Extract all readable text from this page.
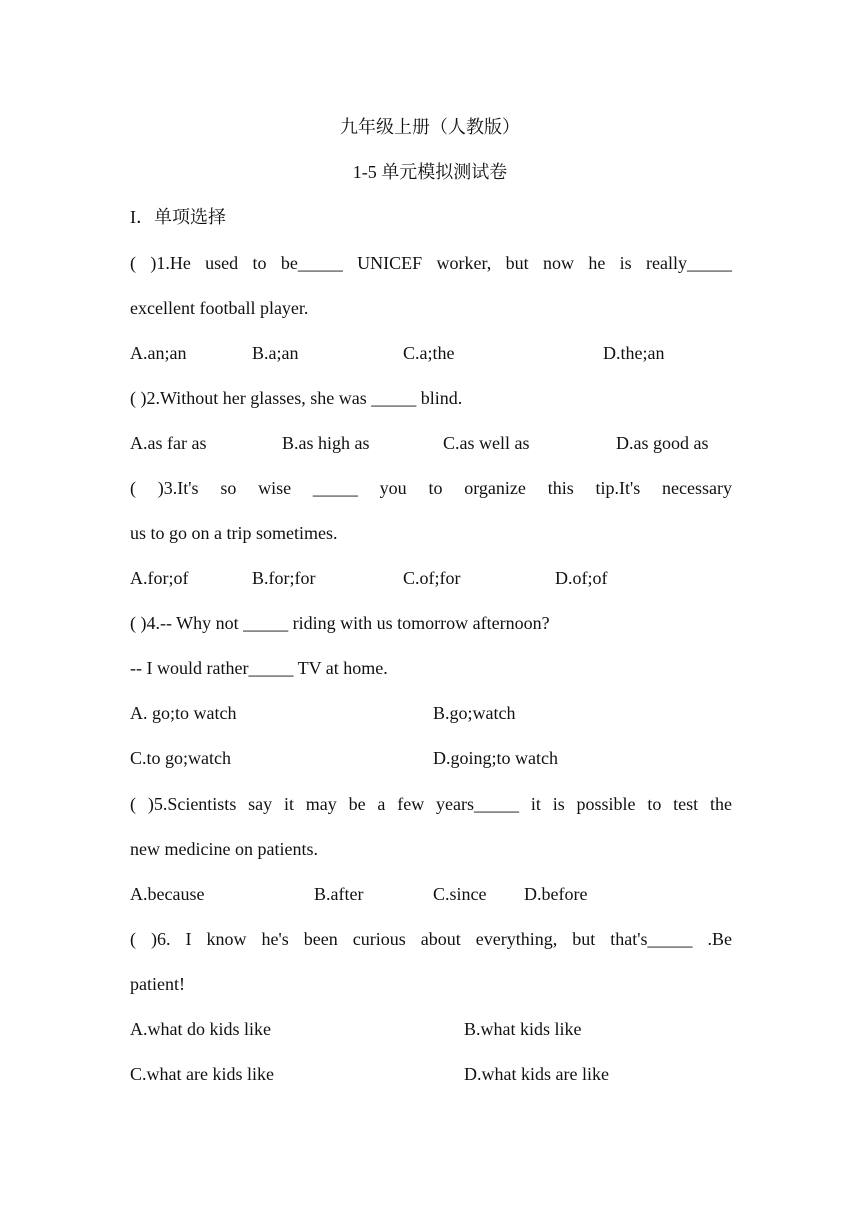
九年级上册（人教版）
1-5 单元模拟测试卷
I．单项选择
( )1.He used to be_____ UNICEF worker, but now he is really_____
excellent football player.
A.an;an	B.a;an	C.a;the	D.the;an
( )2.Without her glasses, she was _____ blind.
A.as far as	B.as high as	C.as well as	D.as good as
( )3.It's so wise _____ you to organize this tip.It's necessary
us to go on a trip sometimes.
A.for;of	B.for;for	C.of;for	D.of;of
( )4.-- Why not _____ riding with us tomorrow afternoon?
-- I would rather_____ TV at home.
A. go;to watch	B.go;watch
C.to go;watch	D.going;to watch
( )5.Scientists say it may be a few years_____ it is possible to test the
new medicine on patients.
A.because	B.after	C.since D.before
( )6. I know he's been curious about everything, but that's_____ .Be
patient!
A.what do kids like	B.what kids like
C.what are kids like	D.what kids are like
